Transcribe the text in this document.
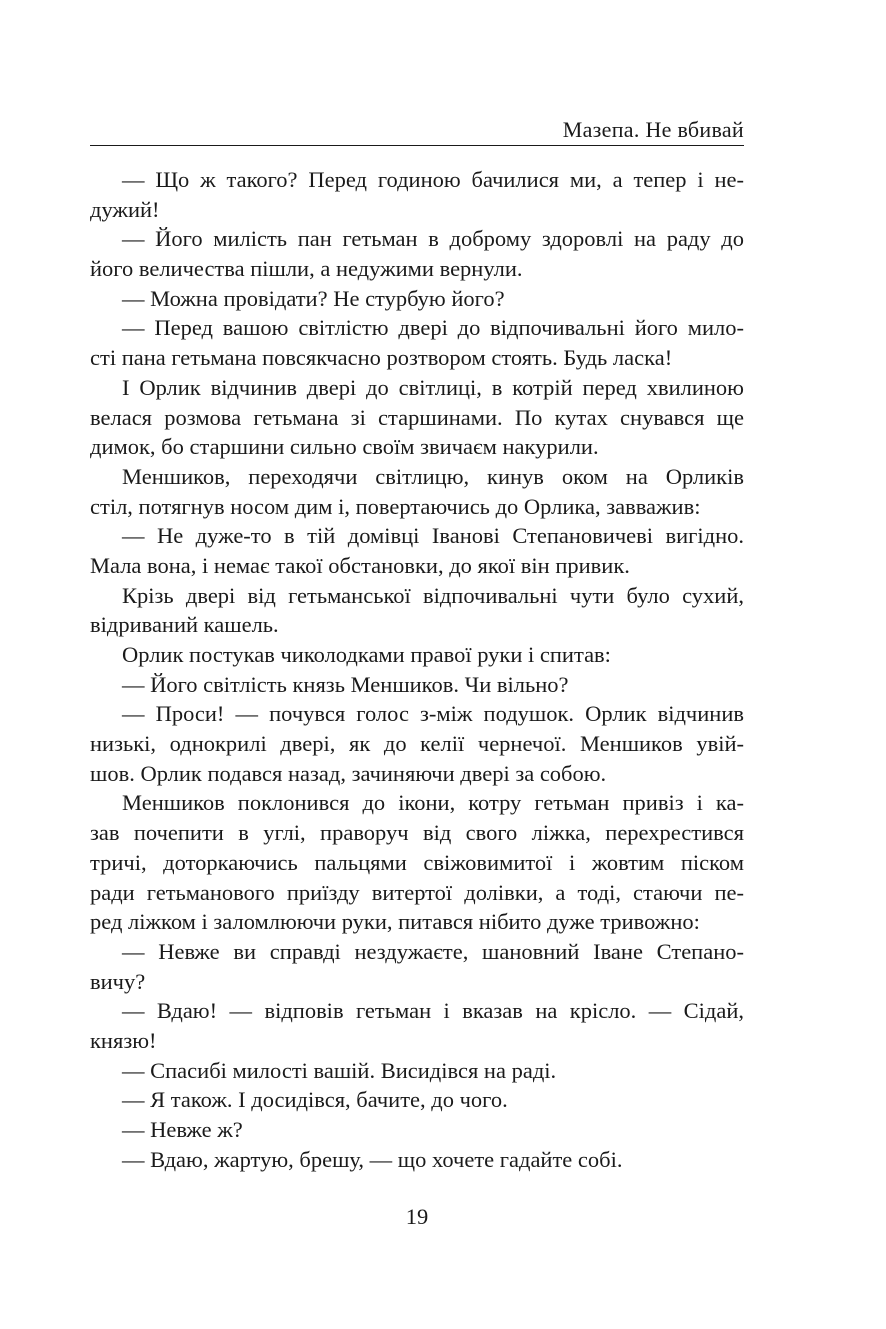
Мазепа. Не вбивай
— Що ж такого? Перед годиною бачилися ми, а тепер і не-
дужий!
— Його милість пан гетьман в доброму здоровлі на раду до
його величества пішли, а недужими вернули.
— Можна провідати? Не стурбую його?
— Перед вашою світлістю двері до відпочивальні його мило-
сті пана гетьмана повсякчасно розтвором стоять. Будь ласка!
І Орлик відчинив двері до світлиці, в котрій перед хвилиною
велася розмова гетьмана зі старшинами. По кутах снувався ще
димок, бо старшини сильно своїм звичаєм накурили.
Меншиков, переходячи світлицю, кинув оком на Орликів
стіл, потягнув носом дим і, повертаючись до Орлика, завважив:
— Не дуже-то в тій домівці Івановi Степановичеві вигідно.
Мала вона, і немає такої обстановки, до якої він привик.
Крізь двері від гетьманської відпочивальні чути було сухий,
відриваний кашель.
Орлик постукав чиколодками правої руки і спитав:
— Його світлість князь Меншиков. Чи вільно?
— Проси! — почувся голос з-між подушок. Орлик відчинив
низькі, однокрилі двері, як до келії чернечої. Меншиков увій-
шов. Орлик подався назад, зачиняючи двері за собою.
Меншиков поклонився до ікони, котру гетьман привіз і ка-
зав почепити в углі, праворуч від свого ліжка, перехрестився
тричі, доторкаючись пальцями свіжовимитої і жовтим піском
ради гетьманового приїзду витертої долівки, а тоді, стаючи пе-
ред ліжком і заломлюючи руки, питався нібито дуже тривожно:
— Невже ви справді нездужаєте, шановний Іване Степано-
вичу?
— Вдаю! — відповів гетьман і вказав на крісло. — Сідай,
князю!
— Спасибі милості вашій. Висидівся на раді.
— Я також. І досидівся, бачите, до чого.
— Невже ж?
— Вдаю, жартую, брешу, — що хочете гадайте собі.
19
